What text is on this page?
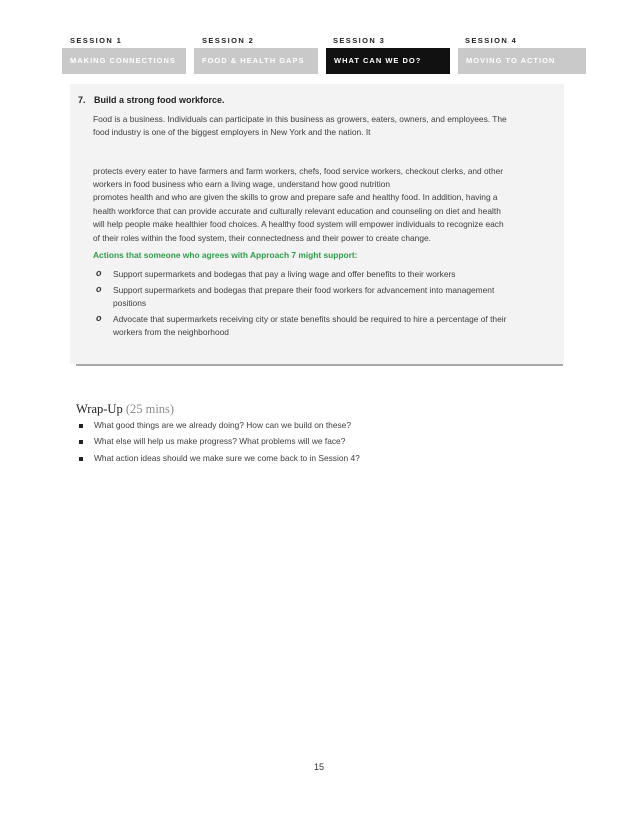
SESSION 1	SESSION 2	SESSION 3	SESSION 4
MAKING CONNECTIONS	FOOD & HEALTH GAPS	WHAT CAN WE DO?	MOVING TO ACTION
7. Build a strong food workforce.
Food is a business. Individuals can participate in this business as growers, eaters, owners, and employees. The
food industry is one of the biggest employers in New York and the nation. It
protects every eater to have farmers and farm workers, chefs, food service workers, checkout clerks, and other
workers in food business who earn a living wage, understand how good nutrition
promotes health and who are given the skills to grow and prepare safe and healthy food. In addition, having a
health workforce that can provide accurate and culturally relevant education and counseling on diet and health
will help people make healthier food choices. A healthy food system will empower individuals to recognize each
of their roles within the food system, their connectedness and their power to create change.
Actions that someone who agrees with Approach 7 might support:
o Support supermarkets and bodegas that pay a living wage and offer benefits to their workers
o Support supermarkets and bodegas that prepare their food workers for advancement into management
positions
o Advocate that supermarkets receiving city or state benefits should be required to hire a percentage of their
workers from the neighborhood
Wrap-Up (25 mins)
What good things are we already doing? How can we build on these?
What else will help us make progress? What problems will we face?
What action ideas should we make sure we come back to in Session 4?
15
